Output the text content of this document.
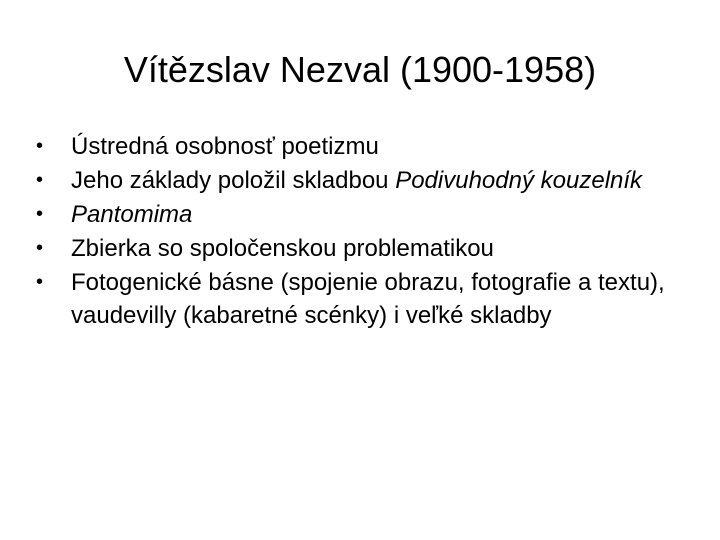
Vítězslav Nezval (1900-1958)
•	Ústredná osobnosť poetizmu
•	Jeho základy položil skladbou Podivuhodný kouzelník
•	Pantomima
•	Zbierka so spoločenskou problematikou
•	Fotogenické básne (spojenie obrazu, fotografie a textu), vaudevilly (kabaretné scénky) i veľké skladby
